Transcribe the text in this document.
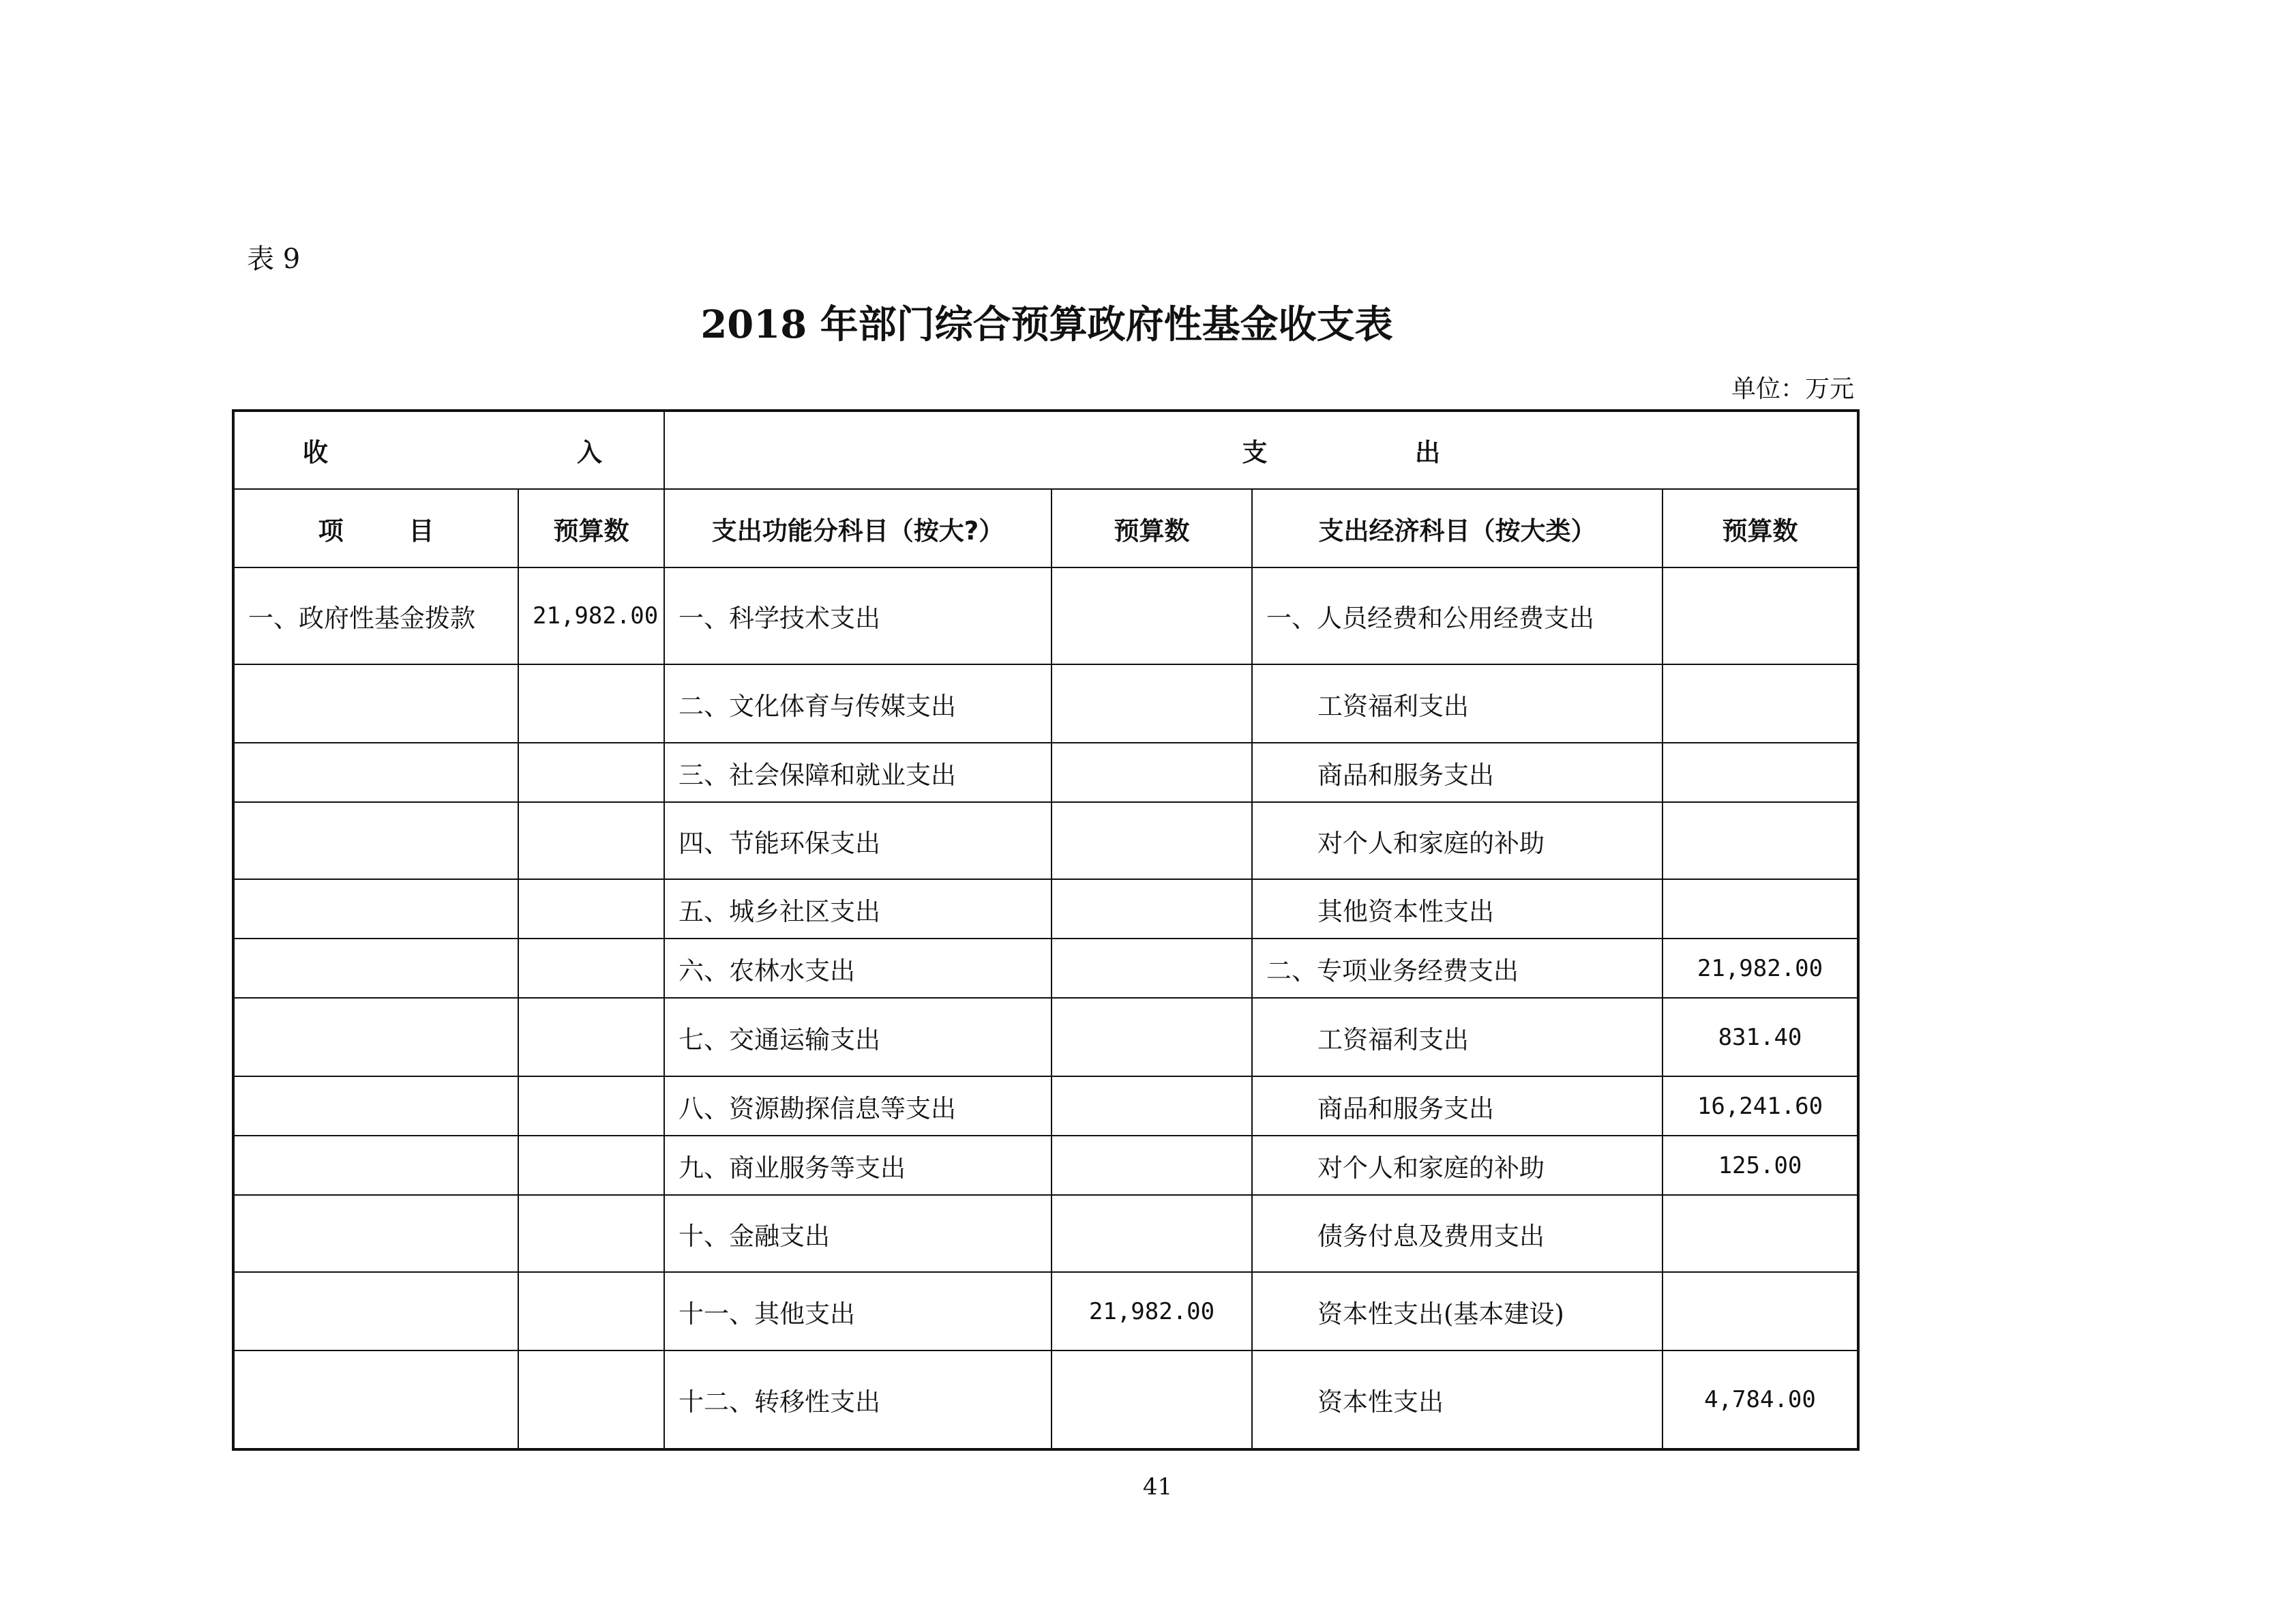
表 9
2018 年部门综合预算政府性基金收支表
单位：万元
收 入		支 出			

项 目	预算数	支出功能分科目（按大?）	预算数	支出经济科目（按大类）	预算数
一、政府性基金拨款	21,982.00	一、科学技术支出		一、人员经费和公用经费支出	
		二、文化体育与传媒支出		工资福利支出	
		三、社会保障和就业支出		商品和服务支出	
		四、节能环保支出		对个人和家庭的补助	
		五、城乡社区支出		其他资本性支出	
		六、农林水支出		二、专项业务经费支出	21,982.00
		七、交通运输支出		工资福利支出	831.40
		八、资源勘探信息等支出		商品和服务支出	16,241.60
		九、商业服务等支出		对个人和家庭的补助	125.00
		十、金融支出		债务付息及费用支出	
		十一、其他支出	21,982.00	资本性支出(基本建设)	
		十二、转移性支出		资本性支出	4,784.00
41
